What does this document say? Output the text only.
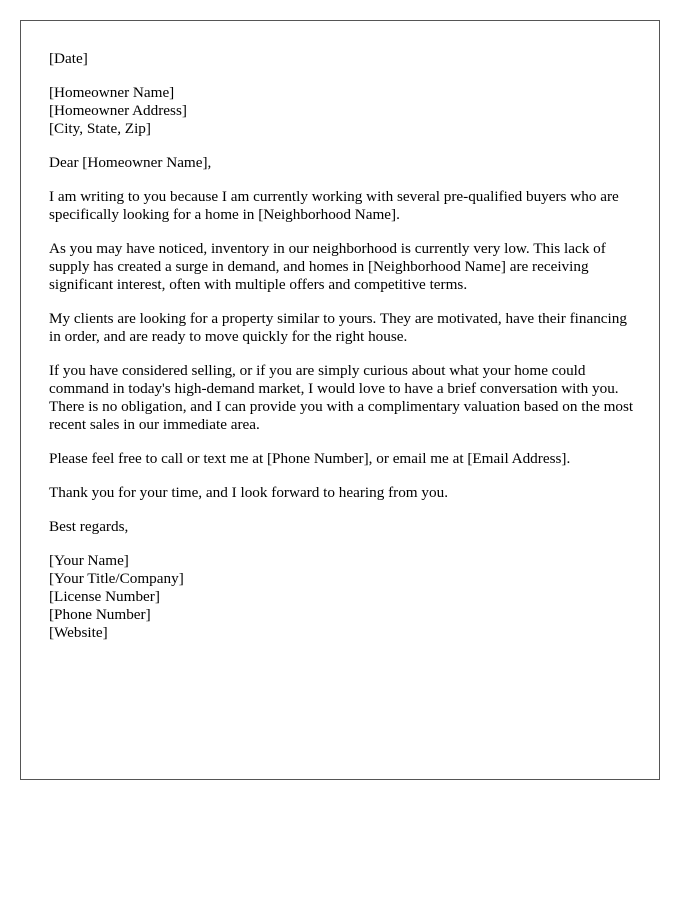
[Date]
[Homeowner Name]
[Homeowner Address]
[City, State, Zip]

Dear [Homeowner Name],

I am writing to you because I am currently working with several pre-qualified buyers who are specifically looking for a home in [Neighborhood Name].

As you may have noticed, inventory in our neighborhood is currently very low. This lack of supply has created a surge in demand, and homes in [Neighborhood Name] are receiving significant interest, often with multiple offers and competitive terms.

My clients are looking for a property similar to yours. They are motivated, have their financing in order, and are ready to move quickly for the right house.

If you have considered selling, or if you are simply curious about what your home could command in today's high-demand market, I would love to have a brief conversation with you. There is no obligation, and I can provide you with a complimentary valuation based on the most recent sales in our immediate area.

Please feel free to call or text me at [Phone Number], or email me at [Email Address].

Thank you for your time, and I look forward to hearing from you.

Best regards,

[Your Name]
[Your Title/Company]
[License Number]
[Phone Number]
[Website]
